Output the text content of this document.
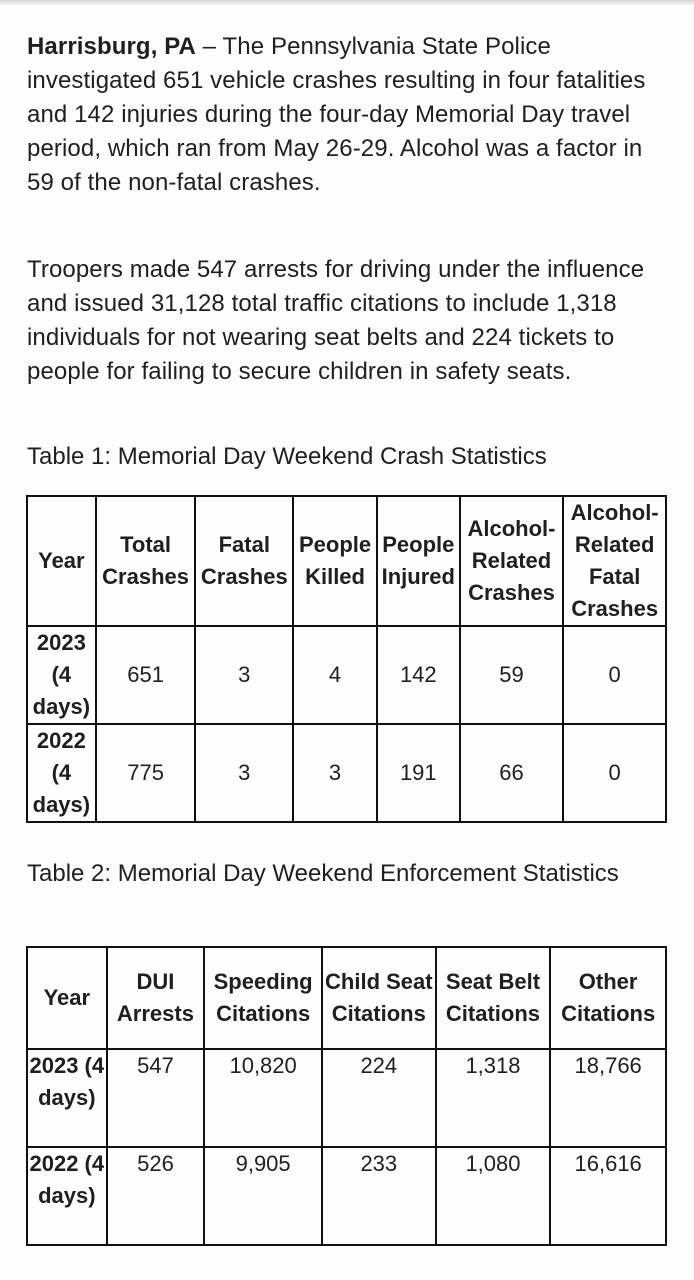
Harrisburg, PA – The Pennsylvania State Police investigated 651 vehicle crashes resulting in four fatalities and 142 injuries during the four-day Memorial Day travel period, which ran from May 26-29. Alcohol was a factor in 59 of the non-fatal crashes.

Troopers made 547 arrests for driving under the influence and issued 31,128 total traffic citations to include 1,318 individuals for not wearing seat belts and 224 tickets to people for failing to secure children in safety seats.

Table 1: Memorial Day Weekend Crash Statistics

Year	Total Crashes	Fatal Crashes	People Killed	People Injured	Alcohol-Related Crashes	Alcohol-Related Fatal Crashes
2023 (4 days)	651	3	4	142	59	0
2022 (4 days)	775	3	3	191	66	0

Table 2: Memorial Day Weekend Enforcement Statistics

Year	DUI Arrests	Speeding Citations	Child Seat Citations	Seat Belt Citations	Other Citations
2023 (4 days)	547	10,820	224	1,318	18,766
2022 (4 days)	526	9,905	233	1,080	16,616
